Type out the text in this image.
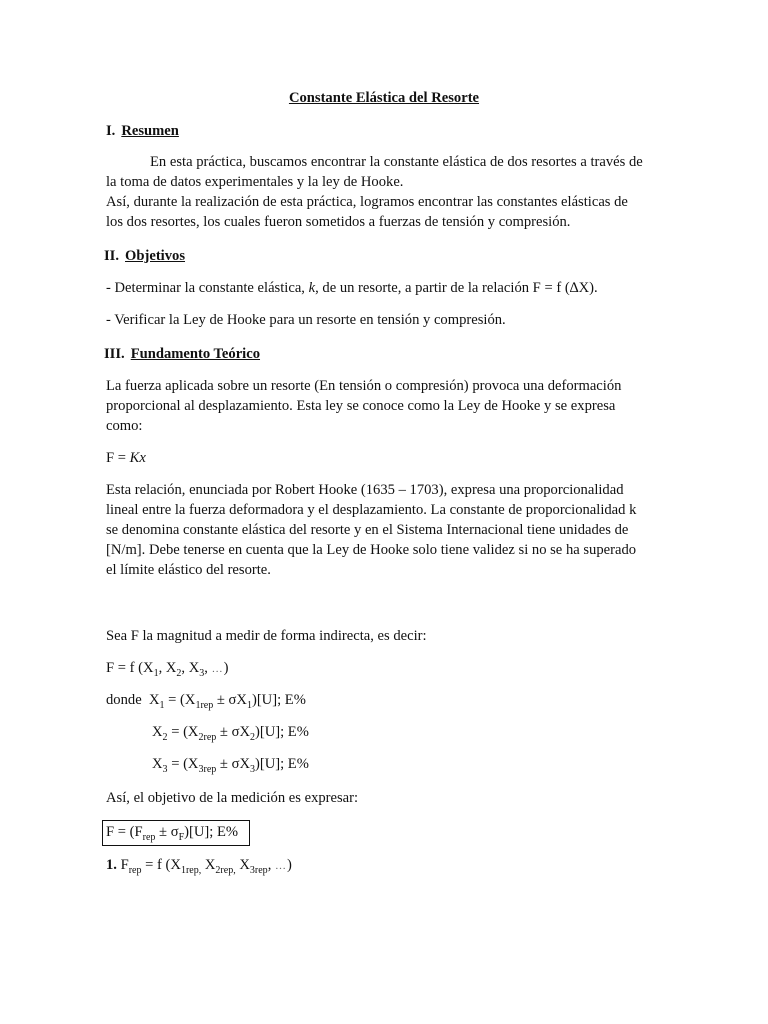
Constante Elástica del Resorte
I. Resumen
En esta práctica, buscamos encontrar la constante elástica de dos resortes a través de
la toma de datos experimentales y la ley de Hooke.
Así, durante la realización de esta práctica, logramos encontrar las constantes elásticas de
los dos resortes, los cuales fueron sometidos a fuerzas de tensión y compresión.
II. Objetivos
- Determinar la constante elástica, k, de un resorte, a partir de la relación F = f (∆X).
- Verificar la Ley de Hooke para un resorte en tensión y compresión.
III. Fundamento Teórico
La fuerza aplicada sobre un resorte (En tensión o compresión) provoca una deformación
proporcional al desplazamiento. Esta ley se conoce como la Ley de Hooke y se expresa
como:
F = Kx
Esta relación, enunciada por Robert Hooke (1635 – 1703), expresa una proporcionalidad
lineal entre la fuerza deformadora y el desplazamiento. La constante de proporcionalidad k
se denomina constante elástica del resorte y en el Sistema Internacional tiene unidades de
[N/m]. Debe tenerse en cuenta que la Ley de Hooke solo tiene validez si no se ha superado
el límite elástico del resorte.
Sea F la magnitud a medir de forma indirecta, es decir:
F = f ($X_1$, $X_2$, $X_3$, …)
donde $X_1 = (X_{1rep} \pm \sigma X_1)[U]$; E%
$X_2 = (X_{2rep} \pm \sigma X_2)[U]$; E%
$X_3 = (X_{3rep} \pm \sigma X_3)[U]$; E%
Así, el objetivo de la medición es expresar:
$F = (F_{rep} \pm \sigma_F)[U]$; E%
1. $F_{rep} = f$ ($X_{1rep,}$ $X_{2rep,}$ $X_{3rep}$, …)
